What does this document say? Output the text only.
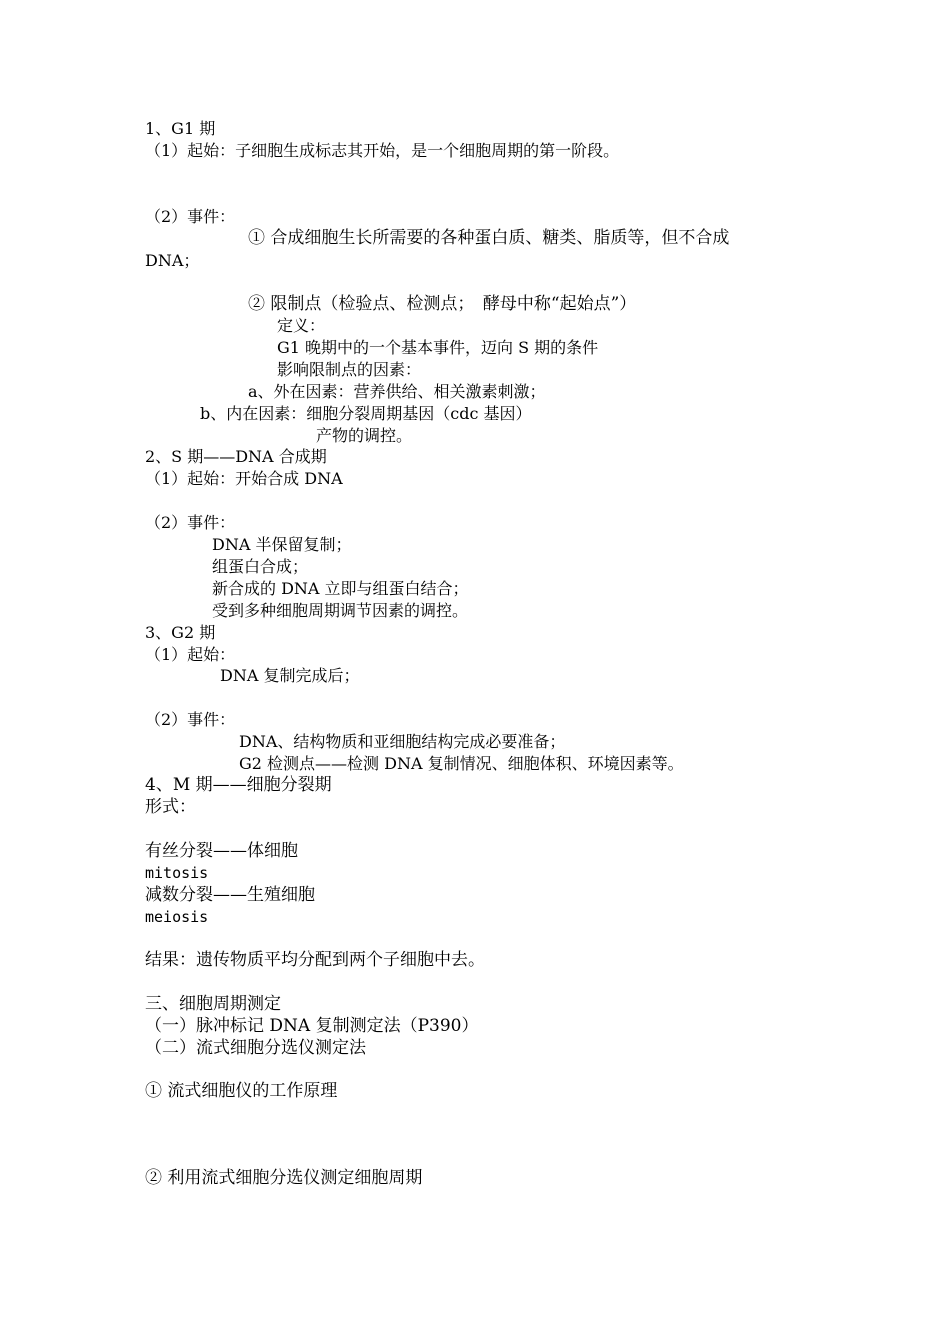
1、G1 期
（1）起始：子细胞生成标志其开始，是一个细胞周期的第一阶段。
（2）事件：
① 合成细胞生长所需要的各种蛋白质、糖类、脂质等，但不合成
DNA；
② 限制点（检验点、检测点；　酵母中称“起始点”）
定义：
G1 晚期中的一个基本事件，迈向 S 期的条件
影响限制点的因素：
a、外在因素：营养供给、相关激素刺激；
b、内在因素：细胞分裂周期基因（cdc 基因）
产物的调控。
2、S 期——DNA 合成期
（1）起始：开始合成 DNA
（2）事件：
DNA 半保留复制；
组蛋白合成；
新合成的 DNA 立即与组蛋白结合；
受到多种细胞周期调节因素的调控。
3、G2 期
（1）起始：
DNA 复制完成后；
（2）事件：
DNA、结构物质和亚细胞结构完成必要准备；
G2 检测点——检测 DNA 复制情况、细胞体积、环境因素等。
4、M 期——细胞分裂期
形式：
有丝分裂——体细胞
mitosis
减数分裂——生殖细胞
meiosis
结果：遗传物质平均分配到两个子细胞中去。
三、细胞周期测定
（一）脉冲标记 DNA 复制测定法（P390）
（二）流式细胞分选仪测定法
① 流式细胞仪的工作原理
② 利用流式细胞分选仪测定细胞周期
